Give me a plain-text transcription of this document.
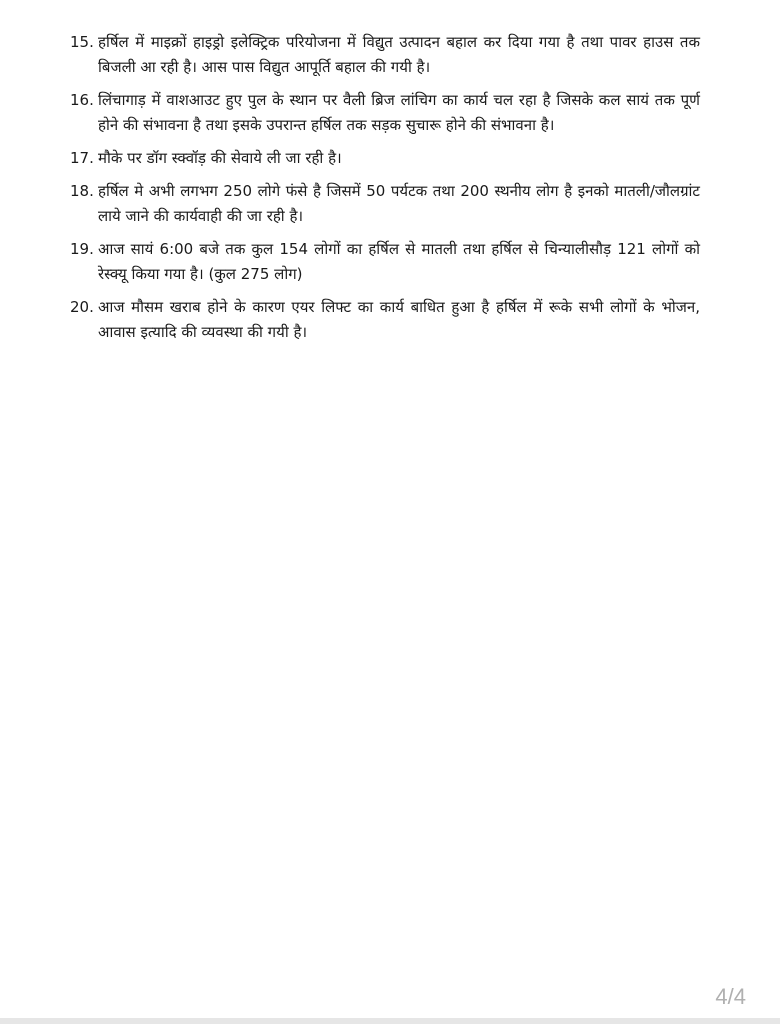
15. हर्षिल में माइक्रों हाइड्रो इलेक्ट्रिक परियोजना में विद्युत उत्पादन बहाल कर दिया गया है तथा पावर हाउस तक बिजली आ रही है। आस पास विद्युत आपूर्ति बहाल की गयी है।
16. लिंचागाड़ में वाशआउट हुए पुल के स्थान पर वैली ब्रिज लांचिग का कार्य चल रहा है जिसके कल सायं तक पूर्ण होने की संभावना है तथा इसके उपरान्त हर्षिल तक सड़क सुचारू होने की संभावना है।
17. मौके पर डॉग स्क्वॉड़ की सेवाये ली जा रही है।
18. हर्षिल मे अभी लगभग 250 लोगे फंसे है जिसमें 50 पर्यटक तथा 200 स्थनीय लोग है इनको मातली/जौलग्रांट लाये जाने की कार्यवाही की जा रही है।
19. आज सायं 6:00 बजे तक कुल 154 लोगों का हर्षिल से मातली तथा हर्षिल से चिन्यालीसौड़ 121 लोगों को रेस्क्यू किया गया है। (कुल 275 लोग)
20. आज मौसम खराब होने के कारण एयर लिफ्ट का कार्य बाधित हुआ है हर्षिल में रूके सभी लोगों के भोजन, आवास इत्यादि की व्यवस्था की गयी है।
4/4
